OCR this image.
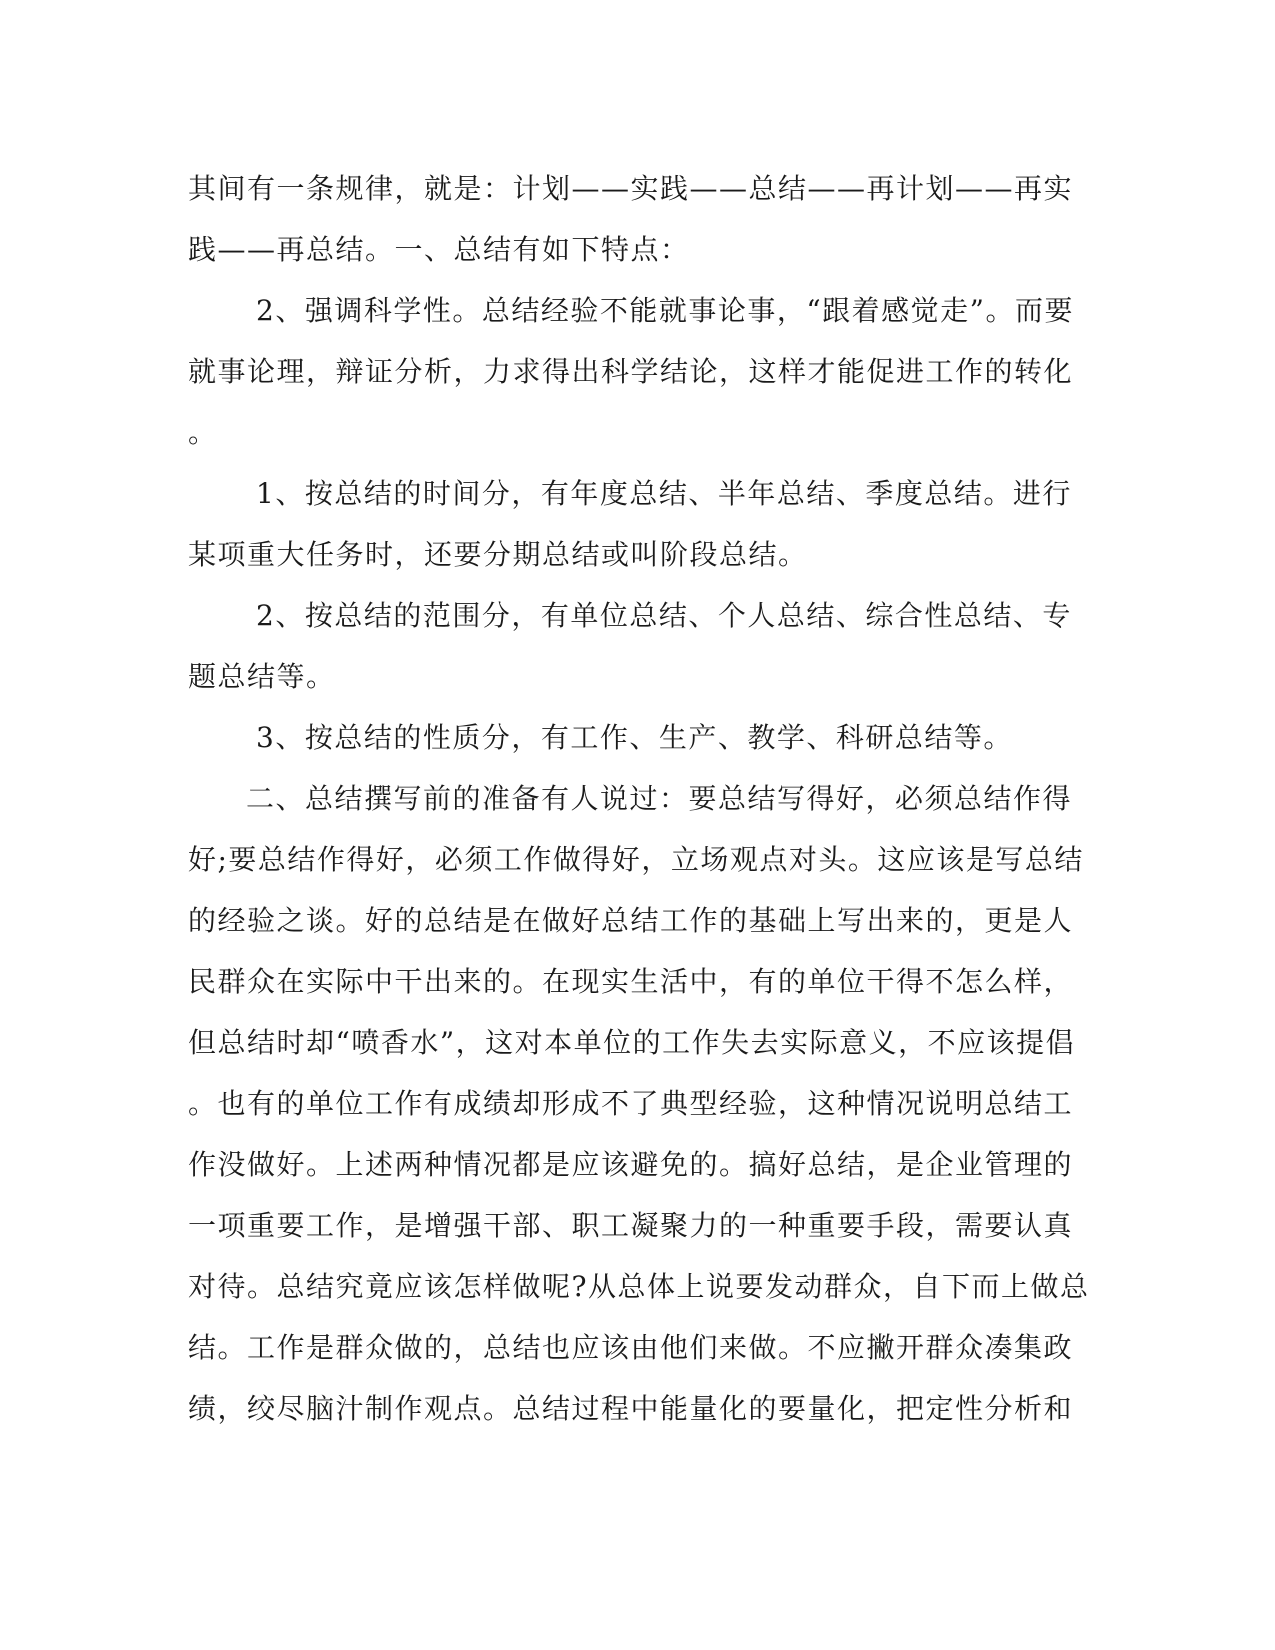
其间有一条规律，就是：计划——实践——总结——再计划——再实
践——再总结。一、总结有如下特点：
2、强调科学性。总结经验不能就事论事，“跟着感觉走”。而要
就事论理，辩证分析，力求得出科学结论，这样才能促进工作的转化
。
1、按总结的时间分，有年度总结、半年总结、季度总结。进行
某项重大任务时，还要分期总结或叫阶段总结。
2、按总结的范围分，有单位总结、个人总结、综合性总结、专
题总结等。
3、按总结的性质分，有工作、生产、教学、科研总结等。
二、总结撰写前的准备有人说过：要总结写得好，必须总结作得
好;要总结作得好，必须工作做得好，立场观点对头。这应该是写总结
的经验之谈。好的总结是在做好总结工作的基础上写出来的，更是人
民群众在实际中干出来的。在现实生活中，有的单位干得不怎么样，
但总结时却“喷香水”，这对本单位的工作失去实际意义，不应该提倡
。也有的单位工作有成绩却形成不了典型经验，这种情况说明总结工
作没做好。上述两种情况都是应该避免的。搞好总结，是企业管理的
一项重要工作，是增强干部、职工凝聚力的一种重要手段，需要认真
对待。总结究竟应该怎样做呢?从总体上说要发动群众，自下而上做总
结。工作是群众做的，总结也应该由他们来做。不应撇开群众凑集政
绩，绞尽脑汁制作观点。总结过程中能量化的要量化，把定性分析和
